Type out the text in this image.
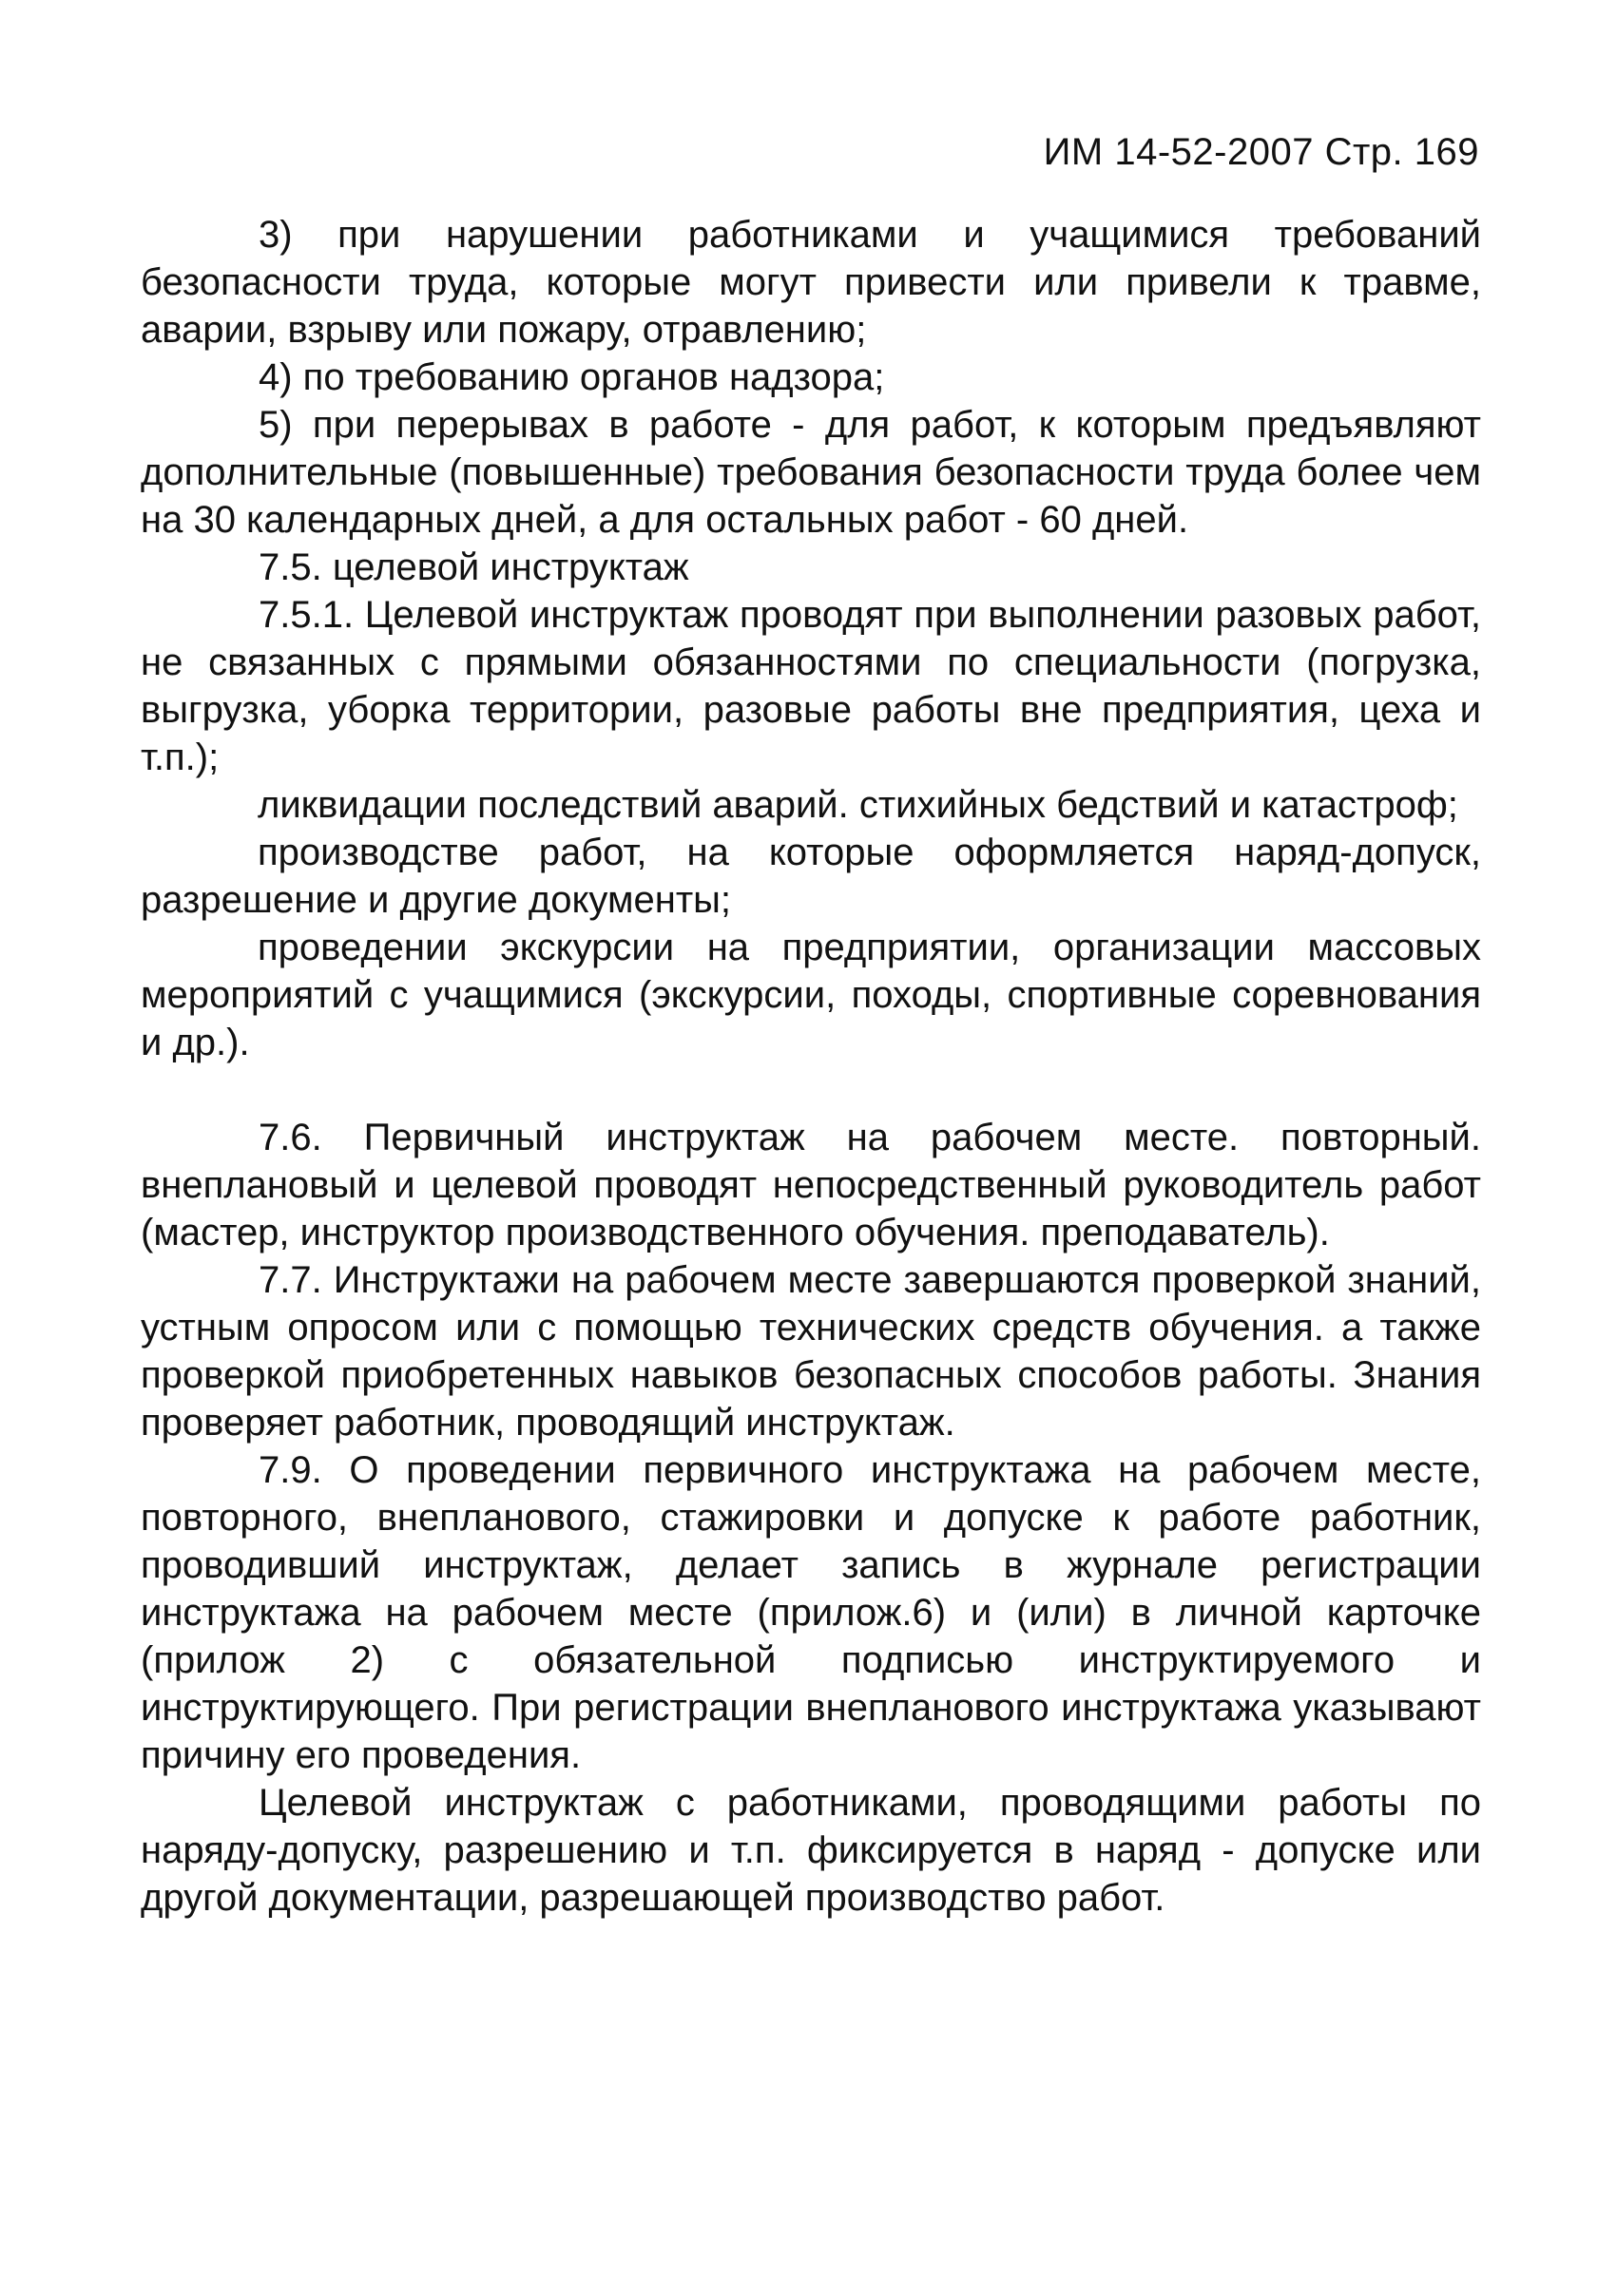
ИМ 14-52-2007 Стр. 169

3) при нарушении работниками и учащимися требований безопасности труда, которые могут привести или привели к травме, аварии, взрыву или пожару, отравлению;

4) по требованию органов надзора;

5) при перерывах в работе - для работ, к которым предъявляют дополнительные (повышенные) требования безопасности труда более чем на 30 календарных дней, а для остальных работ - 60 дней.

7.5. целевой инструктаж

7.5.1. Целевой инструктаж проводят при выполнении разовых работ, не связанных с прямыми обязанностями по специальности (погрузка, выгрузка, уборка территории, разовые работы вне предприятия, цеха и т.п.);

ликвидации последствий аварий. стихийных бедствий и катастроф;

производстве работ, на которые оформляется наряд-допуск, разрешение и другие документы;

проведении экскурсии на предприятии, организации массовых мероприятий с учащимися (экскурсии, походы, спортивные соревнования и др.).

7.6. Первичный инструктаж на рабочем месте. повторный. внеплановый и целевой проводят непосредственный руководитель работ (мастер, инструктор производственного обучения. преподаватель).

7.7. Инструктажи на рабочем месте завершаются проверкой знаний, устным опросом или с помощью технических средств обучения. а также проверкой приобретенных навыков безопасных способов работы. Знания проверяет работник, проводящий инструктаж.

7.9. О проведении первичного инструктажа на рабочем месте, повторного, внепланового, стажировки и допуске к работе работник, проводивший инструктаж, делает запись в журнале регистрации инструктажа на рабочем месте (прилож.6) и (или) в личной карточке (прилож 2) с обязательной подписью инструктируемого и инструктирующего. При регистрации внепланового инструктажа указывают причину его проведения.

Целевой инструктаж с работниками, проводящими работы по наряду-допуску, разрешению и т.п. фиксируется в наряд - допуске или другой документации, разрешающей производство работ.
